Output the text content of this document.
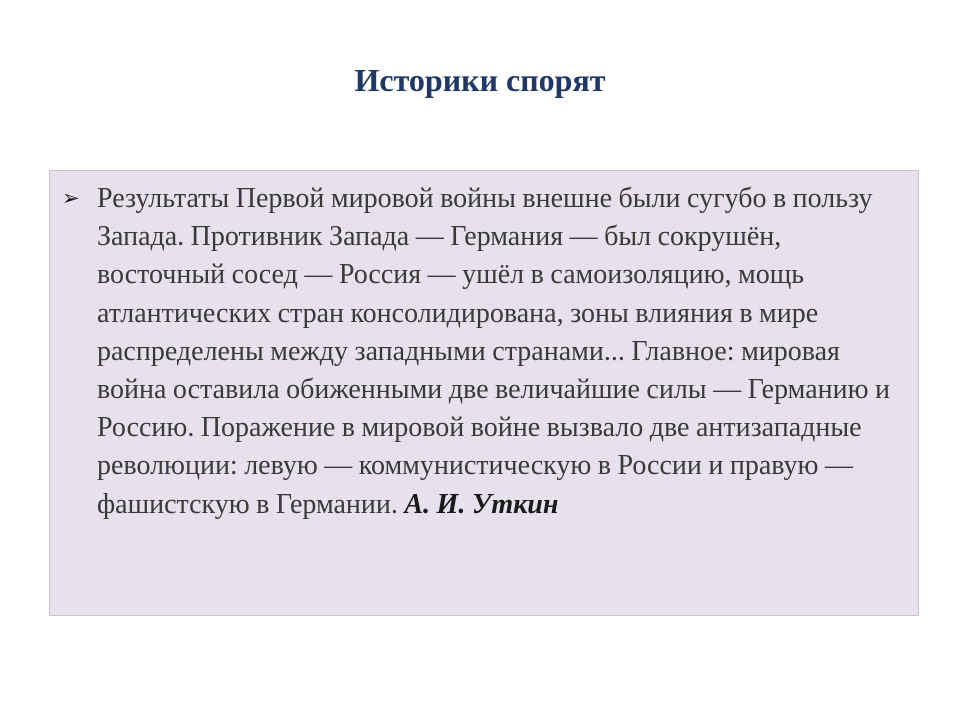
Историки спорят
➢ Результаты Первой мировой войны внешне были сугубо в пользу Запада. Противник Запада — Германия — был сокрушён, восточный сосед — Россия — ушёл в самоизоляцию, мощь атлантических стран консолидирована, зоны влияния в мире распределены между западными странами... Главное: мировая война оставила обиженными две величайшие силы — Германию и Россию. Поражение в мировой войне вызвало две антизападные революции: левую — коммунистическую в России и правую — фашистскую в Германии. А. И. Уткин
